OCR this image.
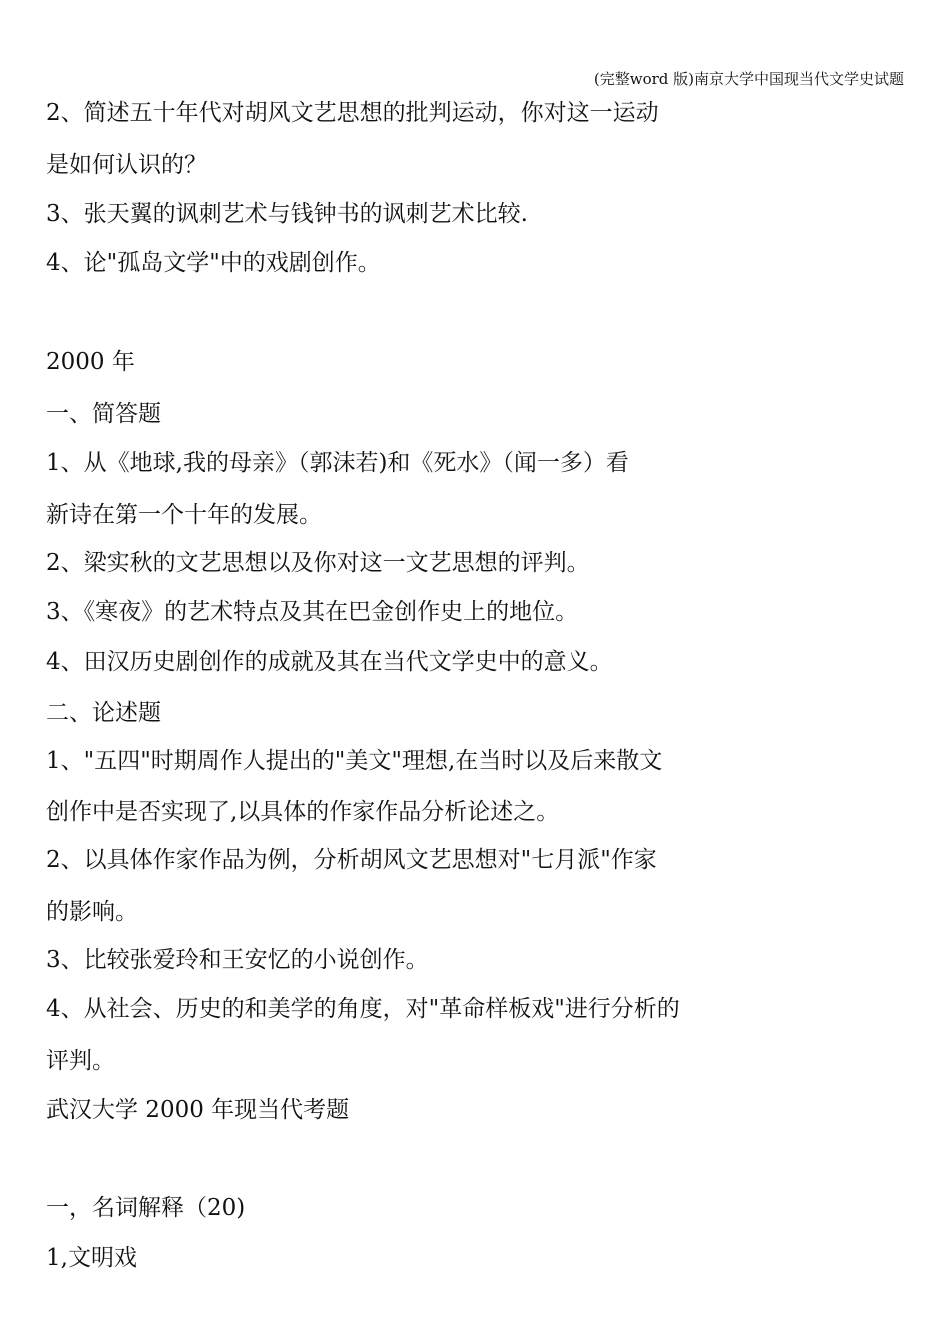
(完整word 版)南京大学中国现当代文学史试题
2、简述五十年代对胡风文艺思想的批判运动，你对这一运动
是如何认识的？
3、张天翼的讽刺艺术与钱钟书的讽刺艺术比较.
4、论"孤岛文学"中的戏剧创作。
2000 年
一、简答题
1、从《地球,我的母亲》（郭沫若)和《死水》（闻一多）看
新诗在第一个十年的发展。
2、梁实秋的文艺思想以及你对这一文艺思想的评判。
3、《寒夜》的艺术特点及其在巴金创作史上的地位。
4、田汉历史剧创作的成就及其在当代文学史中的意义。
二、论述题
1、"五四"时期周作人提出的"美文"理想,在当时以及后来散文
创作中是否实现了,以具体的作家作品分析论述之。
2、以具体作家作品为例，分析胡风文艺思想对"七月派"作家
的影响。
3、比较张爱玲和王安忆的小说创作。
4、从社会、历史的和美学的角度，对"革命样板戏"进行分析的
评判。
武汉大学 2000 年现当代考题
一，名词解释（20)
1,文明戏
